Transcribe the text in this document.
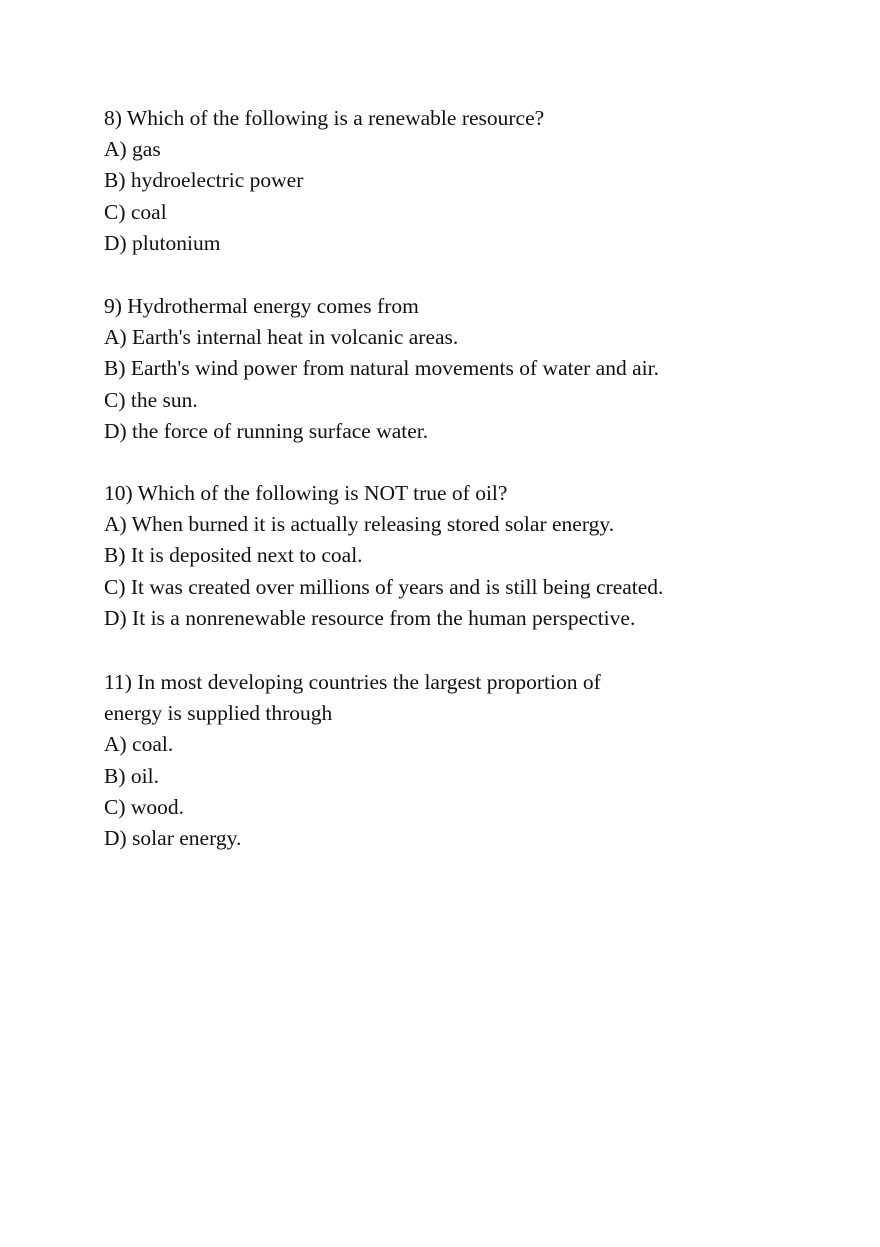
8) Which of the following is a renewable resource?
A) gas
B) hydroelectric power
C) coal
D) plutonium
9) Hydrothermal energy comes from
A) Earth's internal heat in volcanic areas.
B) Earth's wind power from natural movements of water and air.
C) the sun.
D) the force of running surface water.
10) Which of the following is NOT true of oil?
A) When burned it is actually releasing stored solar energy.
B) It is deposited next to coal.
C) It was created over millions of years and is still being created.
D) It is a nonrenewable resource from the human perspective.
11) In most developing countries the largest proportion of
energy is supplied through
A) coal.
B) oil.
C) wood.
D) solar energy.
